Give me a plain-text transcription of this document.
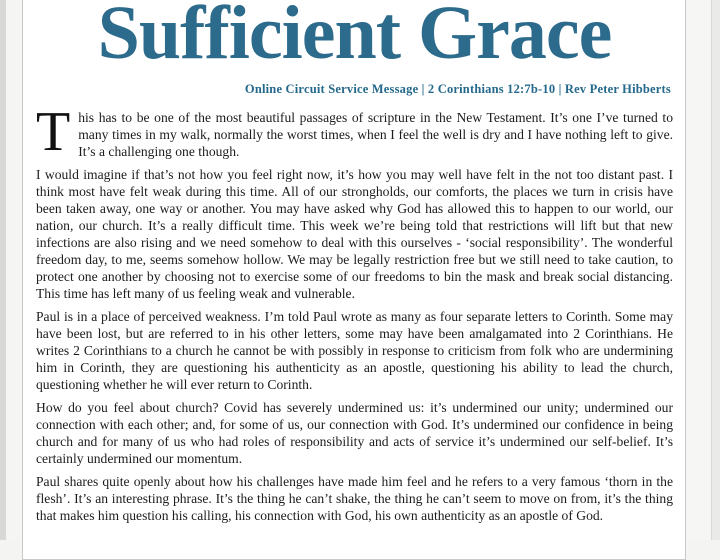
Sufficient Grace
Online Circuit Service Message | 2 Corinthians 12:7b-10 | Rev Peter Hibberts

This has to be one of the most beautiful passages of scripture in the New Testament. It’s one I’ve turned to many times in my walk, normally the worst times, when I feel the well is dry and I have nothing left to give. It’s a challenging one though.

I would imagine if that’s not how you feel right now, it’s how you may well have felt in the not too distant past. I think most have felt weak during this time. All of our strongholds, our comforts, the places we turn in crisis have been taken away, one way or another. You may have asked why God has allowed this to happen to our world, our nation, our church. It’s a really difficult time. This week we’re being told that restrictions will lift but that new infections are also rising and we need somehow to deal with this ourselves - ‘social responsibility’. The wonderful freedom day, to me, seems somehow hollow. We may be legally restriction free but we still need to take caution, to protect one another by choosing not to exercise some of our freedoms to bin the mask and break social distancing. This time has left many of us feeling weak and vulnerable.

Paul is in a place of perceived weakness. I’m told Paul wrote as many as four separate letters to Corinth. Some may have been lost, but are referred to in his other letters, some may have been amalgamated into 2 Corinthians. He writes 2 Corinthians to a church he cannot be with possibly in response to criticism from folk who are undermining him in Corinth, they are questioning his authenticity as an apostle, questioning his ability to lead the church, questioning whether he will ever return to Corinth.

How do you feel about church? Covid has severely undermined us: it’s undermined our unity; undermined our connection with each other; and, for some of us, our connection with God. It’s undermined our confidence in being church and for many of us who had roles of responsibility and acts of service it’s undermined our self-belief. It’s certainly undermined our momentum.

Paul shares quite openly about how his challenges have made him feel and he refers to a very famous ‘thorn in the flesh’. It’s an interesting phrase. It’s the thing he can’t shake, the thing he can’t seem to move on from, it’s the thing that makes him question his calling, his connection with God, his own authenticity as an apostle of God.
